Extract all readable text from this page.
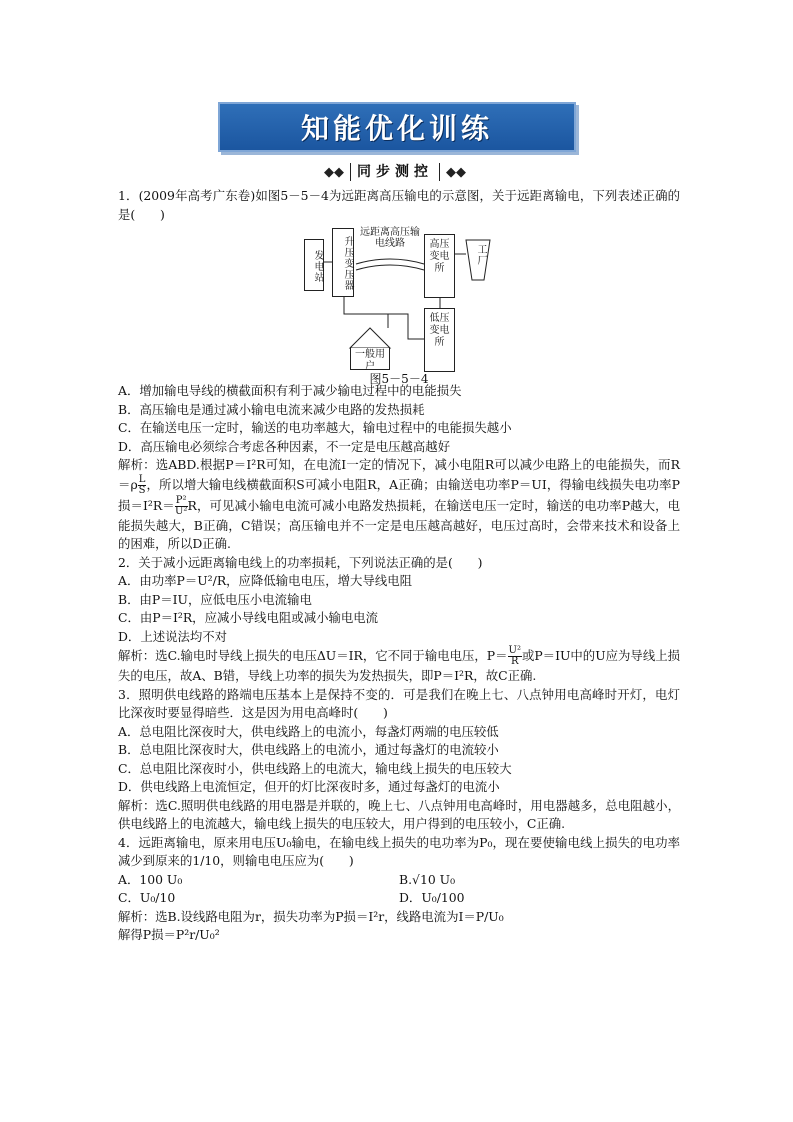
知能优化训练
◆◆ 同步测控	◆◆

1．(2009年高考广东卷)如图5－5－4为远距离高压输电的示意图，关于远距离输电，下列表述正确的是(　　)

发电站	升压变压器
远距离高压输电线路	高压变电所
工厂
低压变电所
一般用户
图5－5－4

A．增加输电导线的横截面积有利于减少输电过程中的电能损失

B．高压输电是通过减小输电电流来减少电路的发热损耗

C．在输送电压一定时，输送的电功率越大，输电过程中的电能损失越小

D．高压输电必须综合考虑各种因素，不一定是电压越高越好

解析：选ABD.根据P＝I²R可知，在电流I一定的情况下，减小电阻R可以减少电路上的电能损失，而$R=\rho \frac{L}{S}$ ，所以增大输电线横截面积S可减小电阻R，A正确；由输送电功率P＝UI，得输电线损失电功率P损$=I^2R= \frac{\text{P²}}{\text{U²}}$ R，可见减小输电电流可减小电路发热损耗，在输送电压一定时，输送的电功率P越大，电能损失越大，B正确，C错误；高压输电并不一定是电压越高越好，电压过高时，会带来技术和设备上的困难，所以D正确.

2．关于减小远距离输电线上的功率损耗，下列说法正确的是(　　)

A．由功率P＝U²/R，应降低输电电压，增大导线电阻

B．由P＝IU，应低电压小电流输电

C．由P＝I²R，应减小导线电阻或减小输电电流

D．上述说法均不对

解析：选C.输电时导线上损失的电压ΔU＝IR，它不同于输电电压，$P= \frac{\text{U²}}{R}$ 或P＝IU中的U应为导线上损失的电压，故A、B错，导线上功率的损失为发热损失，即P＝I²R，故C正确.

3．照明供电线路的路端电压基本上是保持不变的．可是我们在晚上七、八点钟用电高峰时开灯，电灯比深夜时要显得暗些．这是因为用电高峰时(　　)

A．总电阻比深夜时大，供电线路上的电流小，每盏灯两端的电压较低

B．总电阻比深夜时大，供电线路上的电流小，通过每盏灯的电流较小

C．总电阻比深夜时小，供电线路上的电流大，输电线上损失的电压较大

D．供电线路上电流恒定，但开的灯比深夜时多，通过每盏灯的电流小

解析：选C.照明供电线路的用电器是并联的，晚上七、八点钟用电高峰时，用电器越多，总电阻越小，供电线路上的电流越大，输电线上损失的电压较大，用户得到的电压较小，C正确.

4．远距离输电，原来用电压U₀输电，在输电线上损失的电功率为P₀，现在要使输电线上损失的电功率减少到原来的1/10，则输电电压应为(　　)

A．100 U₀	B.√10 U₀
C．U₀/10	D．U₀/100

解析：选B.设线路电阻为r，损失功率为P损＝I²r，线路电流为I＝P/U₀

解得P损＝P²r/U₀²
